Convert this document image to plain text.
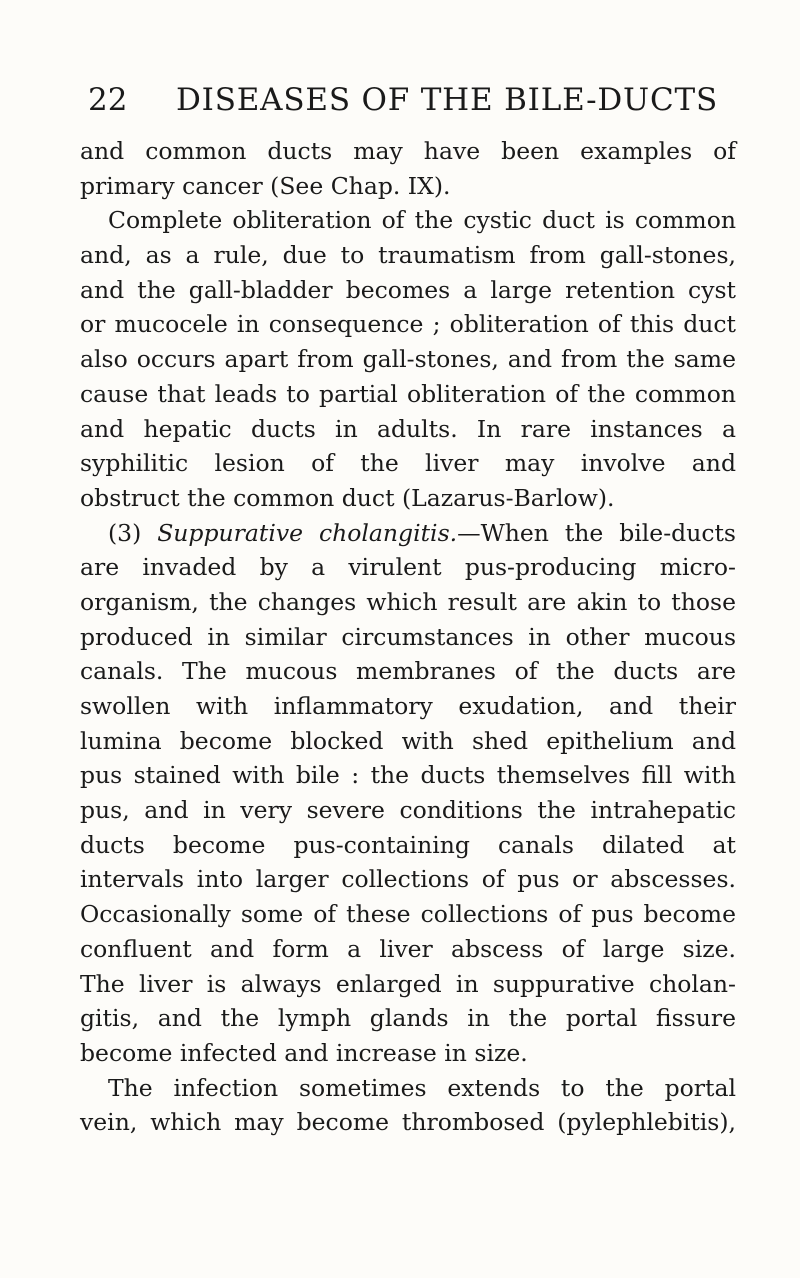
22 DISEASES OF THE BILE-DUCTS
and common ducts may have been examples of
primary cancer (See Chap. IX).
Complete obliteration of the cystic duct is common
and, as a rule, due to traumatism from gall-stones,
and the gall-bladder becomes a large retention cyst
or mucocele in consequence ; obliteration of this duct
also occurs apart from gall-stones, and from the same
cause that leads to partial obliteration of the common
and hepatic ducts in adults. In rare instances a
syphilitic lesion of the liver may involve and
obstruct the common duct (Lazarus-Barlow).
(3) Suppurative cholangitis.—When the bile-ducts
are invaded by a virulent pus-producing micro-
organism, the changes which result are akin to those
produced in similar circumstances in other mucous
canals. The mucous membranes of the ducts are
swollen with inflammatory exudation, and their
lumina become blocked with shed epithelium and
pus stained with bile : the ducts themselves fill with
pus, and in very severe conditions the intrahepatic
ducts become pus-containing canals dilated at
intervals into larger collections of pus or abscesses.
Occasionally some of these collections of pus become
confluent and form a liver abscess of large size.
The liver is always enlarged in suppurative cholan-
gitis, and the lymph glands in the portal fissure
become infected and increase in size.
The infection sometimes extends to the portal
vein, which may become thrombosed (pylephlebitis),
